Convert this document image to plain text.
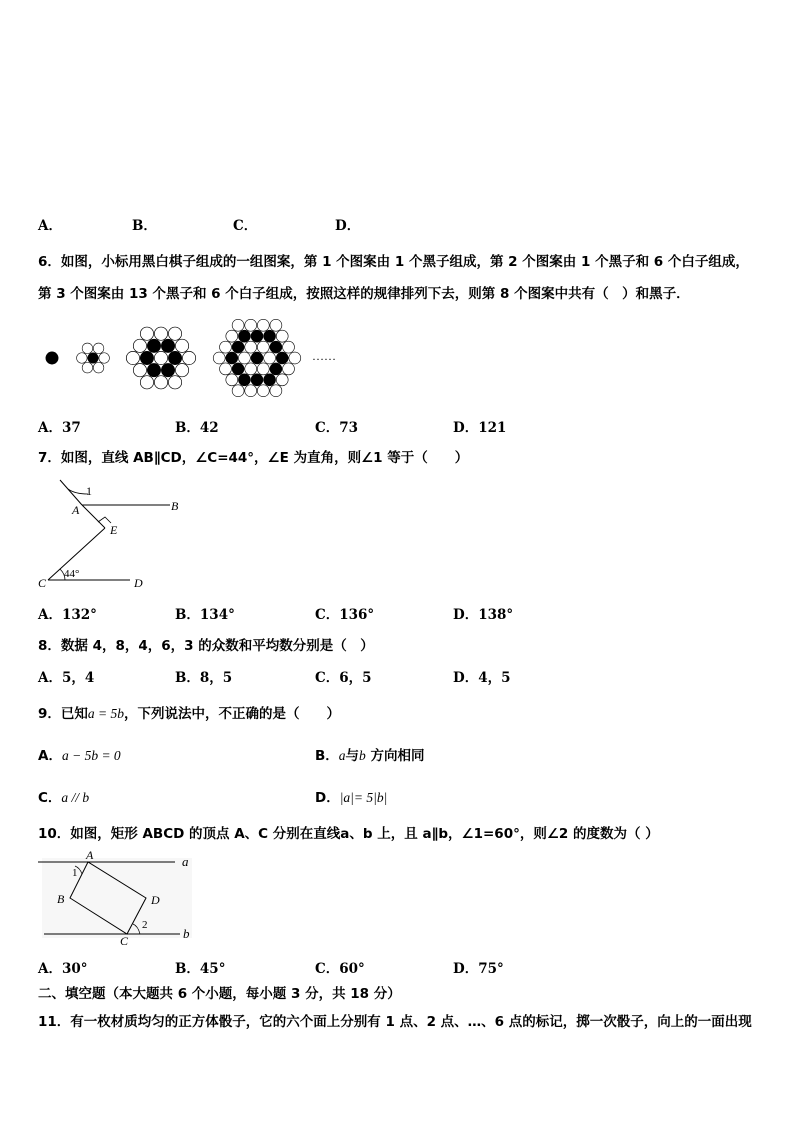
A．	B．	C．	D．
6．如图，小标用黑白棋子组成的一组图案，第 1 个图案由 1 个黑子组成，第 2 个图案由 1 个黑子和 6 个白子组成，
第 3 个图案由 13 个黑子和 6 个白子组成，按照这样的规律排列下去，则第 8 个图案中共有（　）和黑子．
……
A．37	B．42	C．73	D．121
7．如图，直线 AB∥CD，∠C=44°，∠E 为直角，则∠1 等于（　　）
1
A	B
E
C	D
44°
A．132°	B．134°	C．136°	D．138°
8．数据 4，8，4，6，3 的众数和平均数分别是（　）
A．5，4	B．8，5	C．6，5	D．4，5
9．已知a = 5b，下列说法中，不正确的是（　　）
A．a − 5b = 0	B．a与b 方向相同
C．a // b	D．|a|= 5|b|
10．如图，矩形 ABCD 的顶点 A、C 分别在直线a、b 上，且 a∥b，∠1=60°，则∠2 的度数为（ ）
A	a
1
B	D
2
C	b
A．30°	B．45°	C．60°	D．75°
二、填空题（本大题共 6 个小题，每小题 3 分，共 18 分）
11．有一枚材质均匀的正方体骰子，它的六个面上分别有 1 点、2 点、…、6 点的标记，掷一次骰子，向上的一面出现
